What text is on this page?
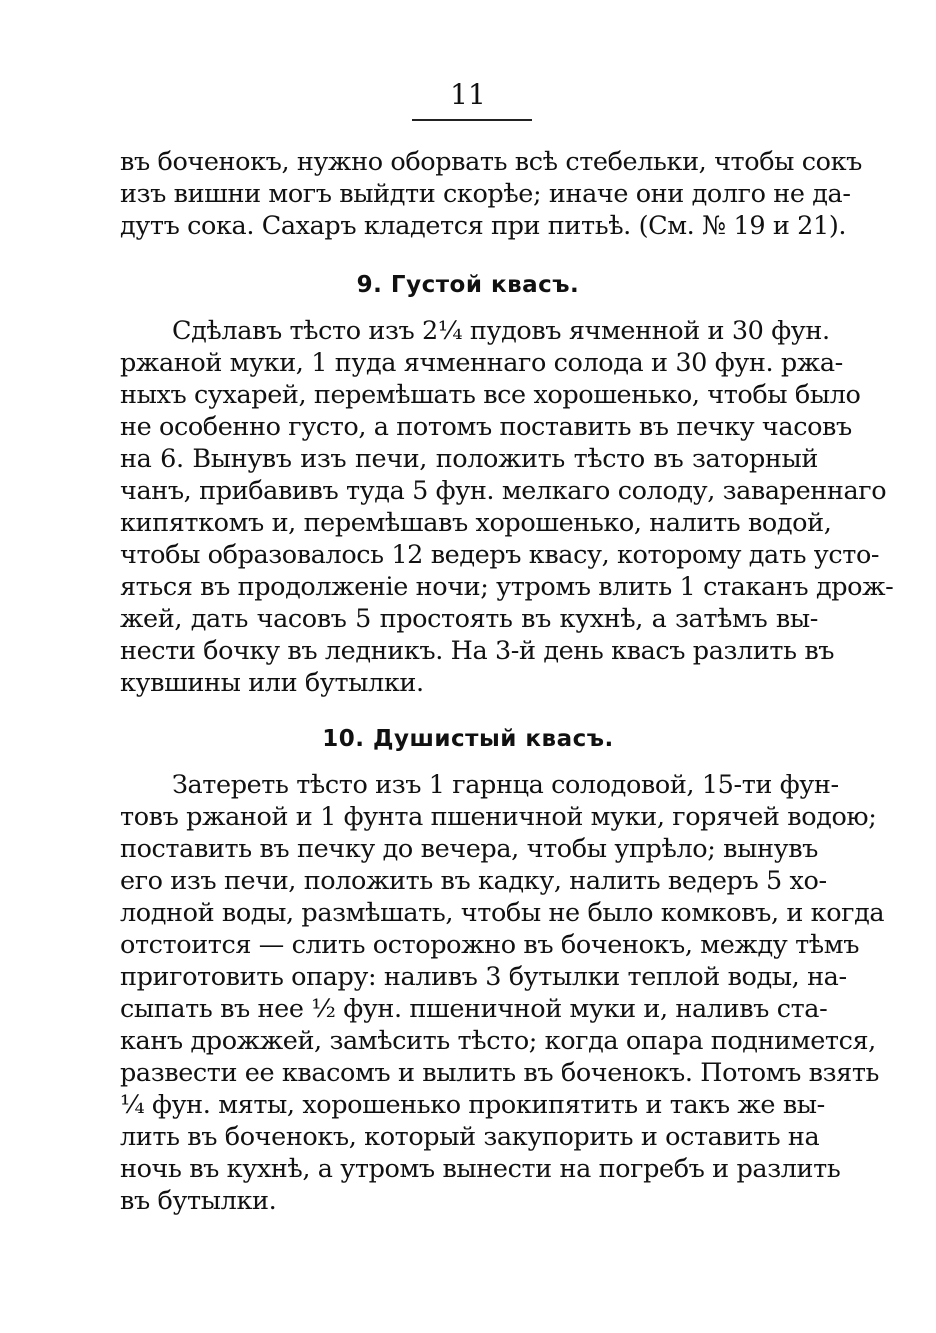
11
въ боченокъ, нужно оборвать всѣ стебельки, чтобы сокъ
изъ вишни могъ выйдти скорѣе; иначе они долго не да-
дутъ сока. Сахаръ кладется при питьѣ. (См. № 19 и 21).
9. Густой квасъ.
Сдѣлавъ тѣсто изъ 2¼ пудовъ ячменной и 30 фун.
ржаной муки, 1 пуда ячменнаго солода и 30 фун. ржа-
ныхъ сухарей, перемѣшать все хорошенько, чтобы было
не особенно густо, а потомъ поставить въ печку часовъ
на 6. Вынувъ изъ печи, положить тѣсто въ заторный
чанъ, прибавивъ туда 5 фун. мелкаго солоду, завареннаго
кипяткомъ и, перемѣшавъ хорошенько, налить водой,
чтобы образовалось 12 ведеръ квасу, которому дать усто-
яться въ продолженіе ночи; утромъ влить 1 стаканъ дрож-
жей, дать часовъ 5 простоять въ кухнѣ, а затѣмъ вы-
нести бочку въ ледникъ. На 3-й день квасъ разлить въ
кувшины или бутылки.
10. Душистый квасъ.
Затереть тѣсто изъ 1 гарнца солодовой, 15-ти фун-
товъ ржаной и 1 фунта пшеничной муки, горячей водою;
поставить въ печку до вечера, чтобы упрѣло; вынувъ
его изъ печи, положить въ кадку, налить ведеръ 5 хо-
лодной воды, размѣшать, чтобы не было комковъ, и когда
отстоится — слить осторожно въ боченокъ, между тѣмъ
приготовить опару: наливъ 3 бутылки теплой воды, на-
сыпать въ нее ½ фун. пшеничной муки и, наливъ ста-
канъ дрожжей, замѣсить тѣсто; когда опара поднимется,
развести ее квасомъ и вылить въ боченокъ. Потомъ взять
¼ фун. мяты, хорошенько прокипятить и такъ же вы-
лить въ боченокъ, который закупорить и оставить на
ночь въ кухнѣ, а утромъ вынести на погребъ и разлить
въ бутылки.
